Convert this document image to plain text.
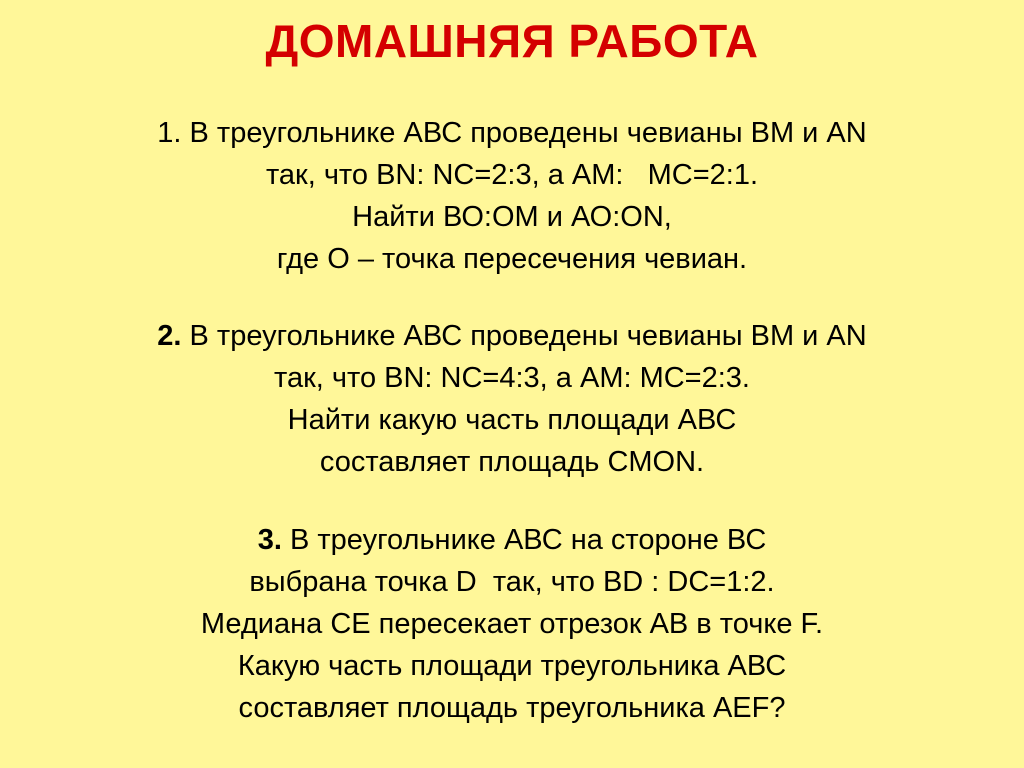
ДОМАШНЯЯ РАБОТА
1. В треугольнике АВС проведены чевианы ВМ и АN
так, что BN: NC=2:3, а АМ:   МС=2:1.
Найти ВО:ОМ и АО:ОN,
где О – точка пересечения чевиан.
2. В треугольнике АВС проведены чевианы ВМ и АN
так, что BN: NC=4:3, а АМ: МС=2:3.
Найти какую часть площади АВС
составляет площадь CMON.
3. В треугольнике АВС на стороне ВС
выбрана точка D  так, что BD : DC=1:2.
Медиана СЕ пересекает отрезок АВ в точке F.
Какую часть площади треугольника АВС
составляет площадь треугольника AEF?
